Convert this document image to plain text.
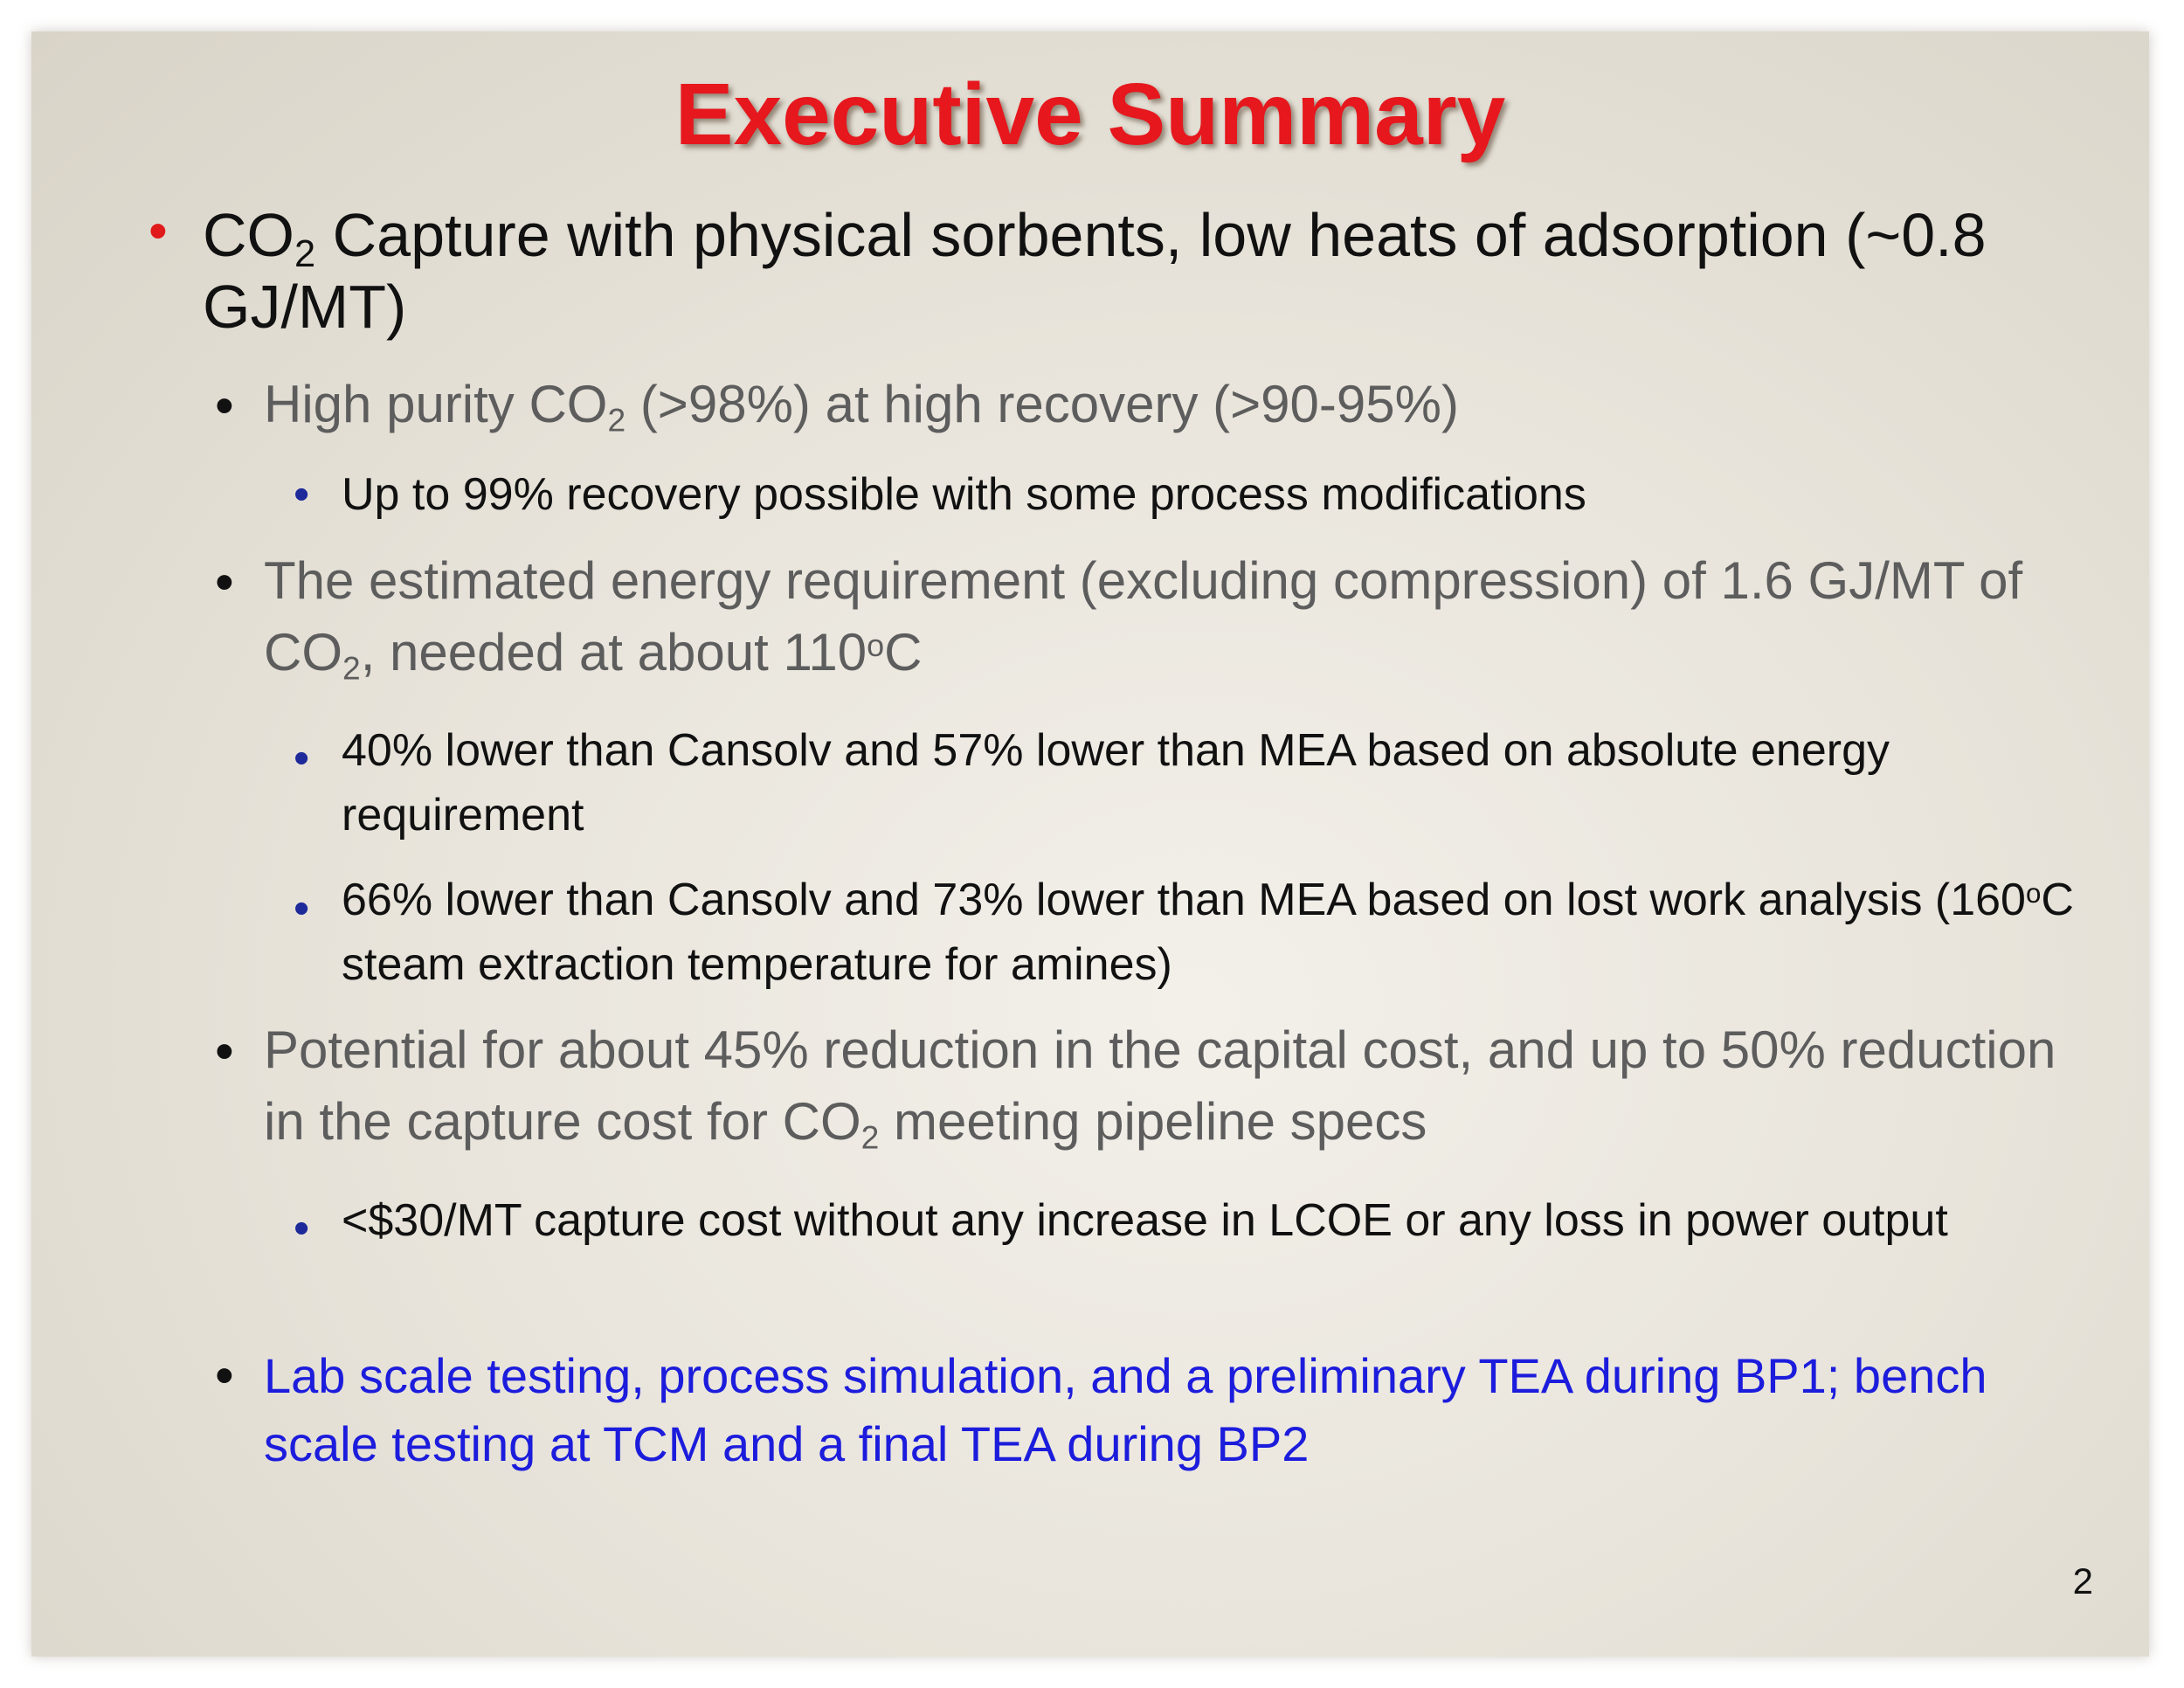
Executive Summary
• $CO_2$ Capture with physical sorbents, low heats of adsorption (~0.8 GJ/MT)

• High purity $CO_2$ (>98%) at high recovery (>90-95%)

• Up to 99% recovery possible with some process modifications

• The estimated energy requirement (excluding compression) of 1.6 GJ/MT of $CO_2$, needed at about 110$^o$C

• 40% lower than Cansolv and 57% lower than MEA based on absolute energy requirement

• 66% lower than Cansolv and 73% lower than MEA based on lost work analysis (160$^o$C steam extraction temperature for amines)

• Potential for about 45% reduction in the capital cost, and up to 50% reduction in the capture cost for $CO_2$ meeting pipeline specs

• <$30/MT capture cost without any increase in LCOE or any loss in power output

• Lab scale testing, process simulation, and a preliminary TEA during BP1; bench scale testing at TCM and a final TEA during BP2

2
